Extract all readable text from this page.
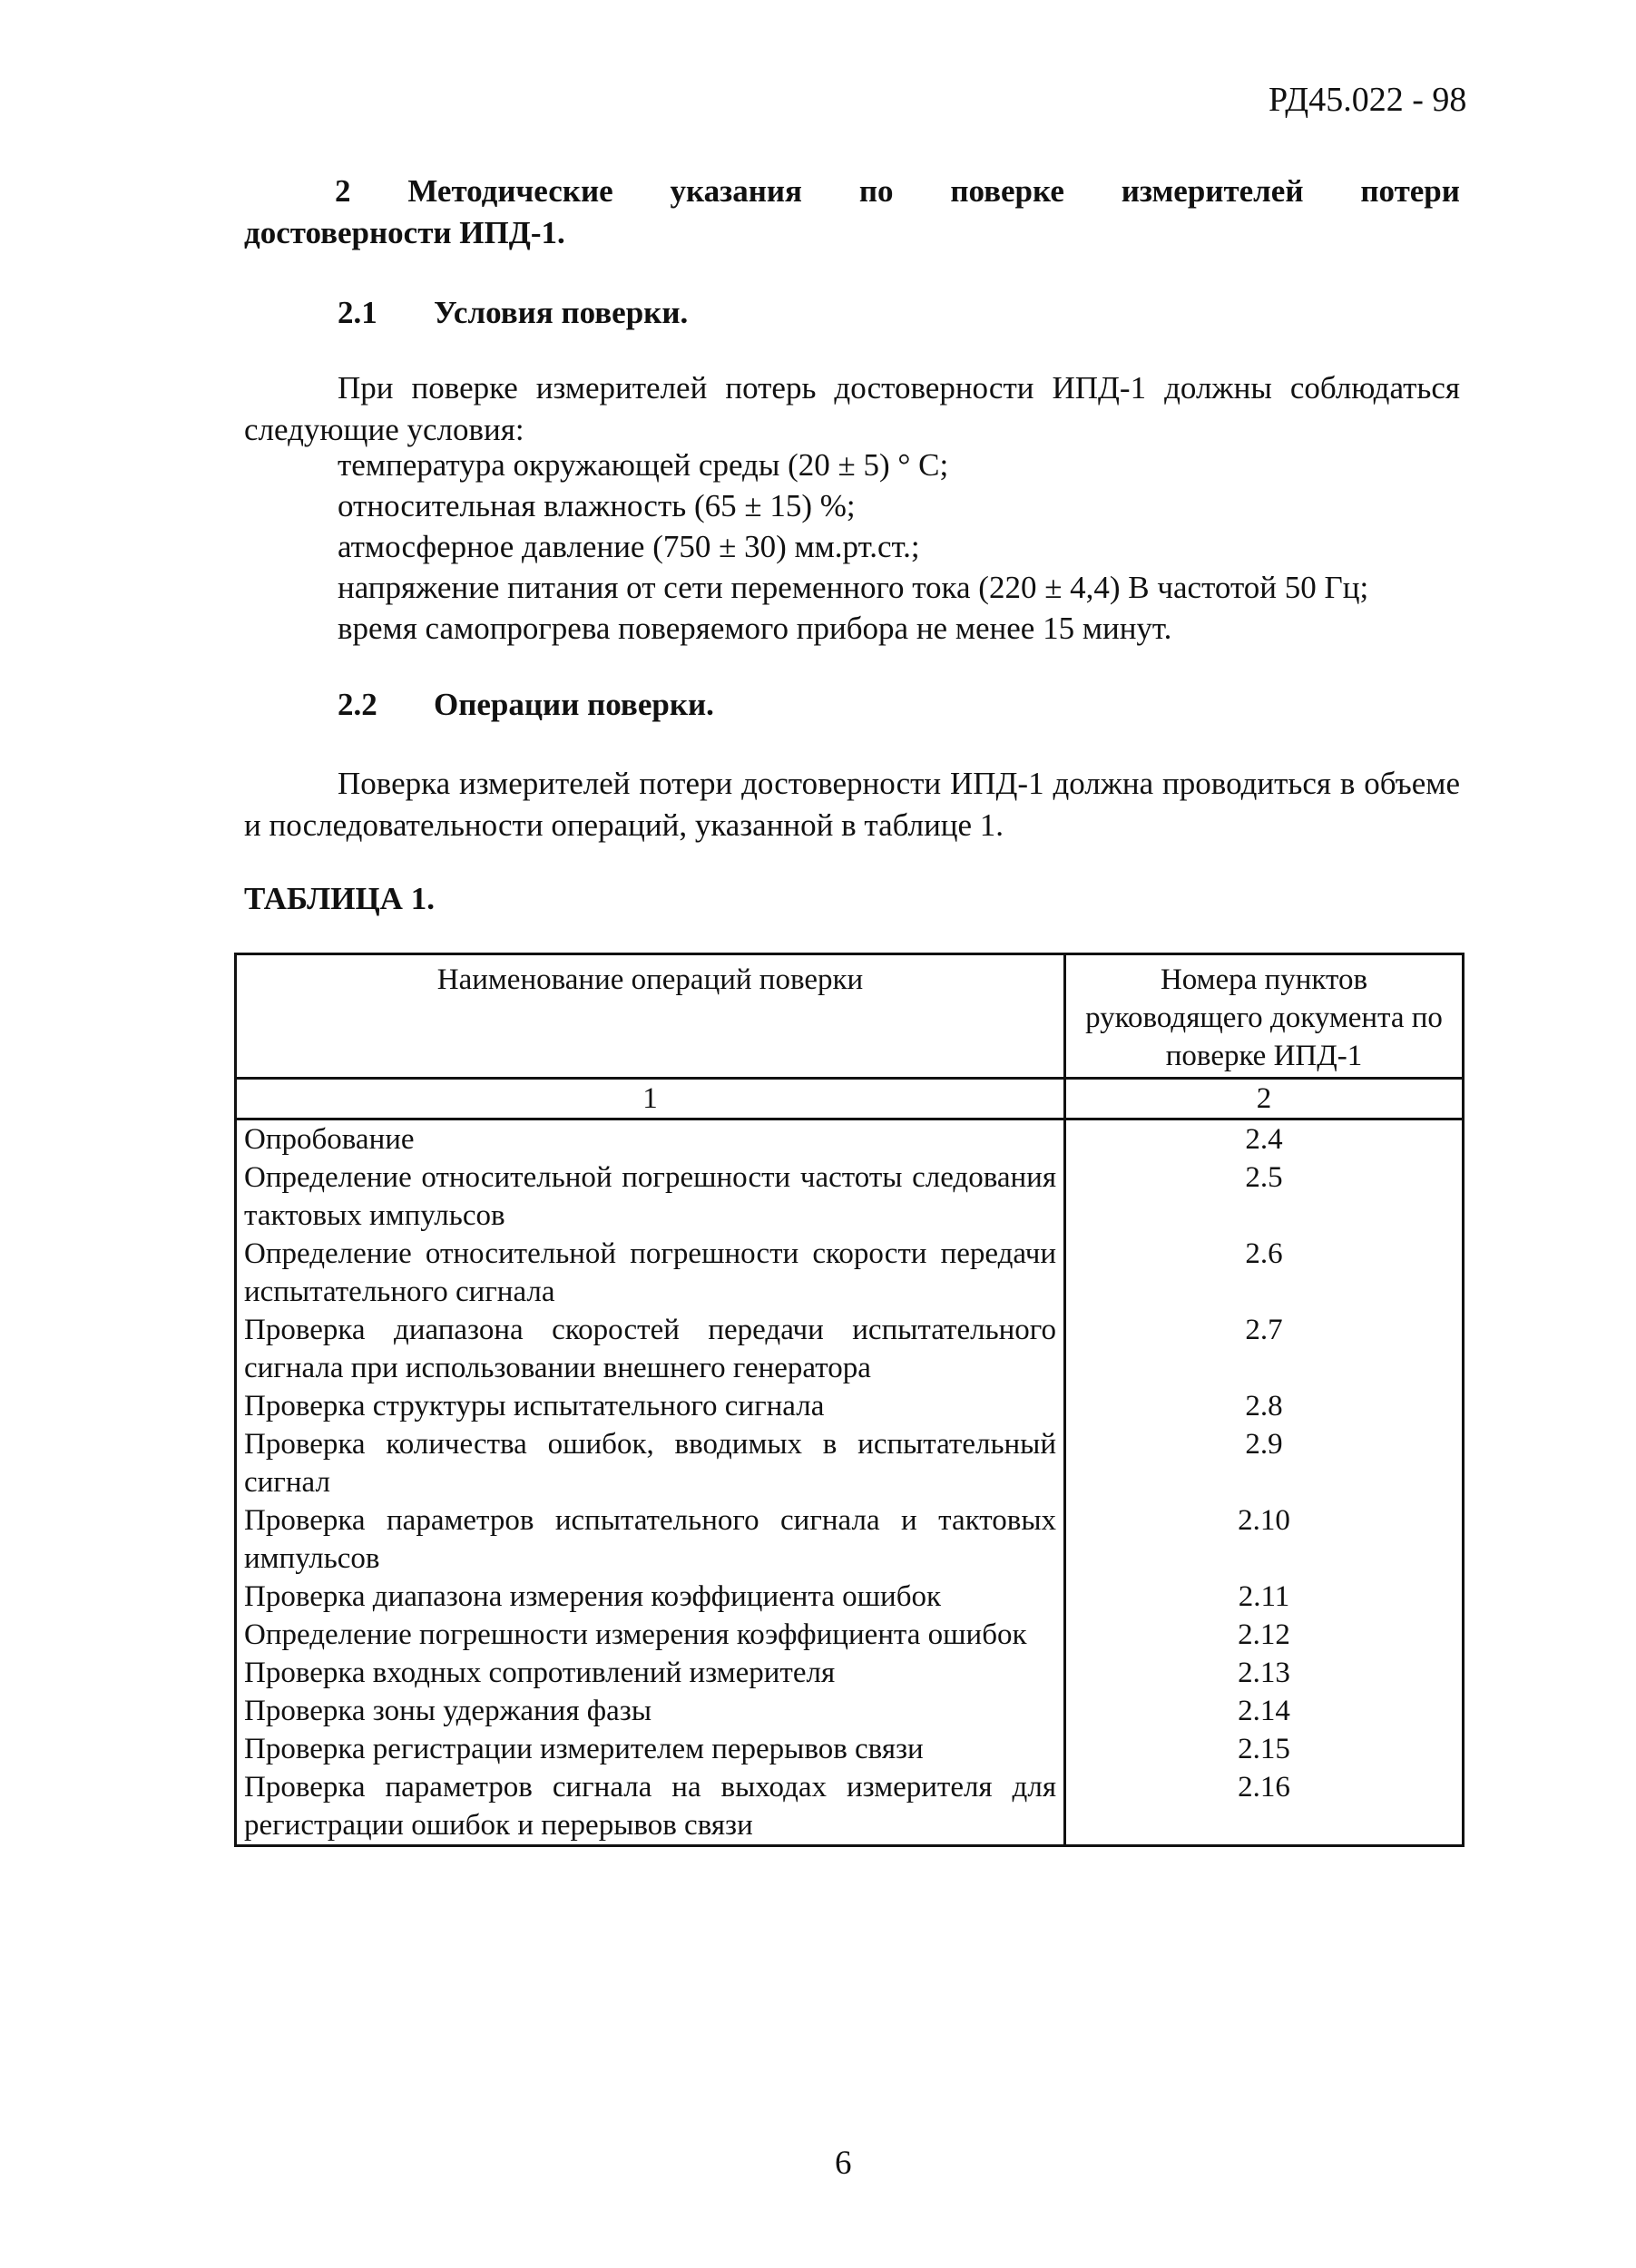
РД45.022 - 98
2 Методические указания по поверке измерителей потери
достоверности ИПД-1.
2.1 Условия поверки.
При поверке измерителей потерь достоверности ИПД-1 должны соблюдаться следующие условия:
температура окружающей среды (20 ± 5) ° С;
относительная влажность (65 ± 15) %;
атмосферное давление (750 ± 30) мм.рт.ст.;
напряжение питания от сети переменного тока (220 ± 4,4) В частотой 50 Гц;
время самопрогрева поверяемого прибора не менее 15 минут.
2.2 Операции поверки.
Поверка измерителей потери достоверности ИПД-1 должна проводиться в объеме и последовательности операций, указанной в таблице 1.
ТАБЛИЦА 1.
Наименование операций поверки	Номера пунктов руководящего документа по поверке ИПД-1
1	2
Опробование	2.4
Определение относительной погрешности частоты следования тактовых импульсов	2.5
Определение относительной погрешности скорости передачи испытательного сигнала	2.6
Проверка диапазона скоростей передачи испытательного сигнала при использовании внешнего генератора	2.7
Проверка структуры испытательного сигнала	2.8
Проверка количества ошибок, вводимых в испытательный сигнал	2.9
Проверка параметров испытательного сигнала и тактовых импульсов	2.10
Проверка диапазона измерения коэффициента ошибок	2.11
Определение погрешности измерения коэффициента ошибок	2.12
Проверка входных сопротивлений измерителя	2.13
Проверка зоны удержания фазы	2.14
Проверка регистрации измерителем перерывов связи	2.15
Проверка параметров сигнала на выходах измерителя для регистрации ошибок и перерывов связи	2.16
6
